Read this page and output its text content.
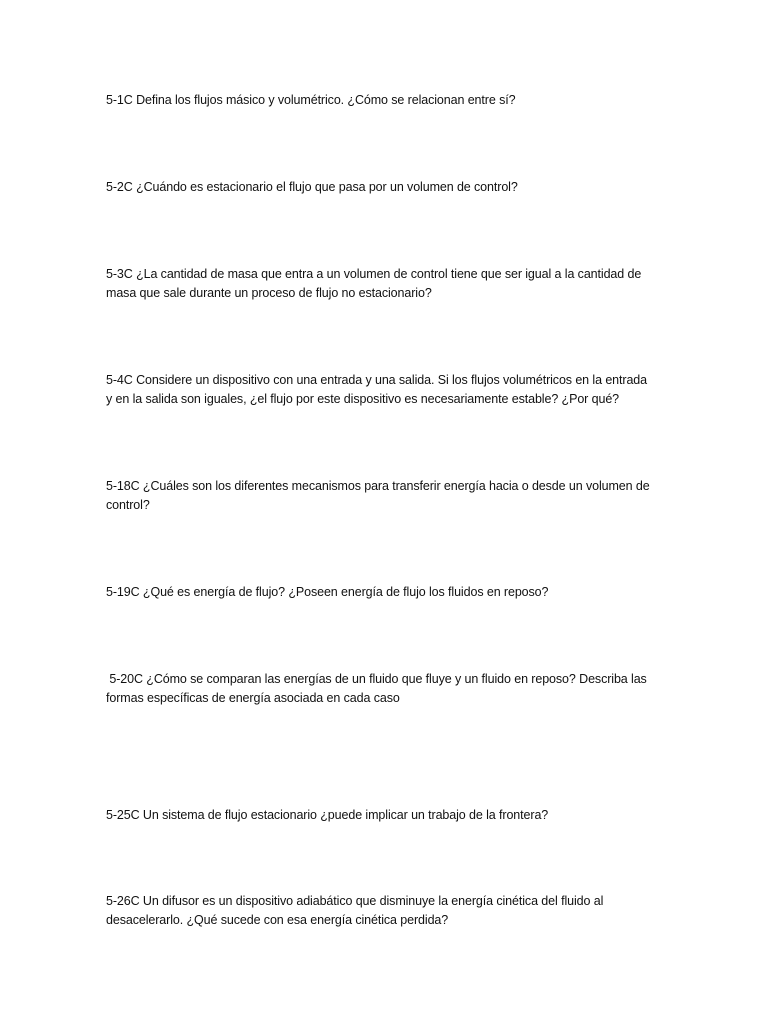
5-1C Defina los flujos másico y volumétrico. ¿Cómo se relacionan entre sí?
5-2C ¿Cuándo es estacionario el flujo que pasa por un volumen de control?
5-3C ¿La cantidad de masa que entra a un volumen de control tiene que ser igual a la cantidad de
masa que sale durante un proceso de flujo no estacionario?
5-4C Considere un dispositivo con una entrada y una salida. Si los flujos volumétricos en la entrada
y en la salida son iguales, ¿el flujo por este dispositivo es necesariamente estable? ¿Por qué?
5-18C ¿Cuáles son los diferentes mecanismos para transferir energía hacia o desde un volumen de
control?
5-19C ¿Qué es energía de flujo? ¿Poseen energía de flujo los fluidos en reposo?
5-20C ¿Cómo se comparan las energías de un fluido que fluye y un fluido en reposo? Describa las
formas específicas de energía asociada en cada caso
5-25C Un sistema de flujo estacionario ¿puede implicar un trabajo de la frontera?
5-26C Un difusor es un dispositivo adiabático que disminuye la energía cinética del fluido al
desacelerarlo. ¿Qué sucede con esa energía cinética perdida?
